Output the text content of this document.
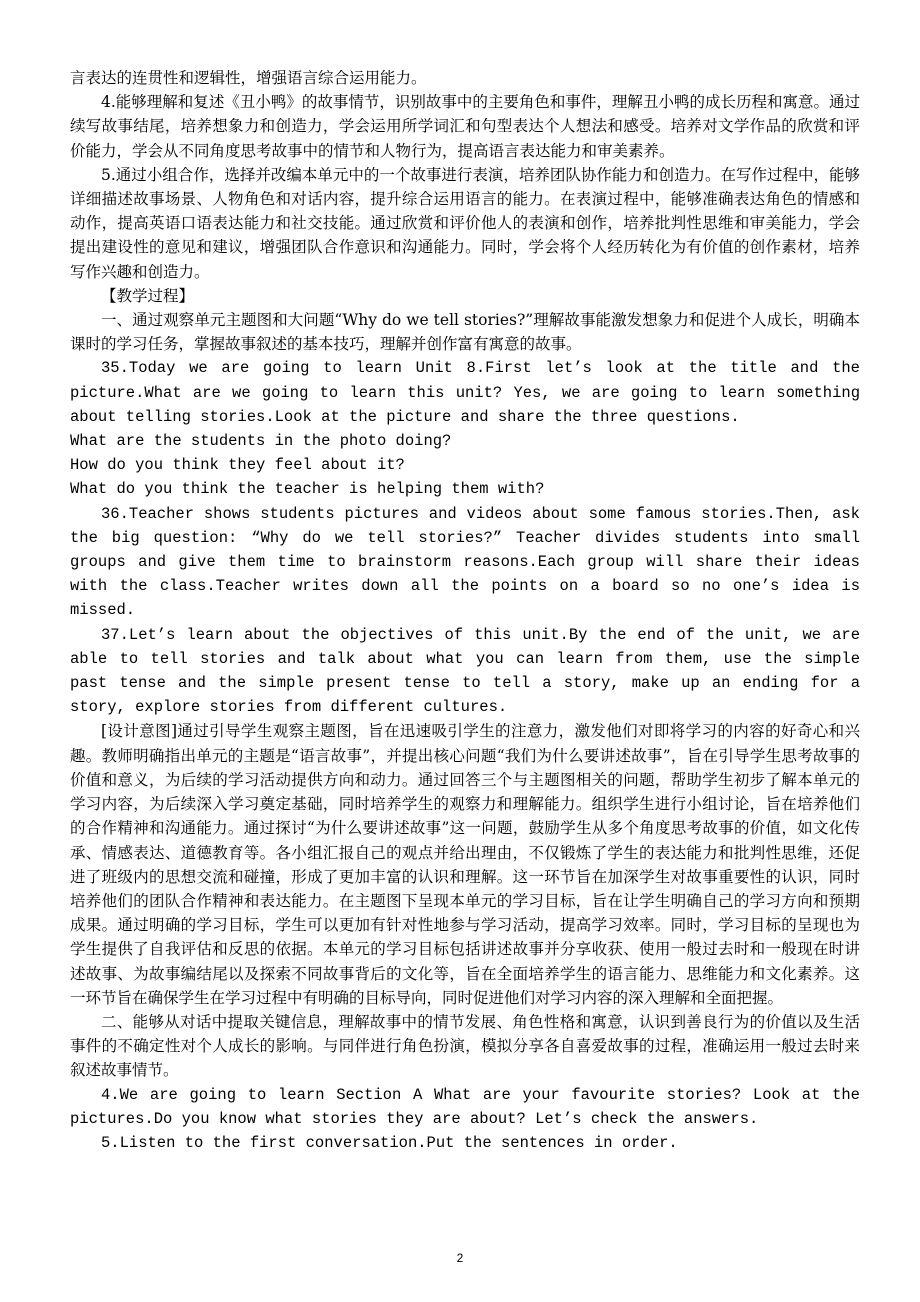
言表达的连贯性和逻辑性，增强语言综合运用能力。

4.能够理解和复述《丑小鸭》的故事情节，识别故事中的主要角色和事件，理解丑小鸭的成长历程和寓意。通过续写故事结尾，培养想象力和创造力，学会运用所学词汇和句型表达个人想法和感受。培养对文学作品的欣赏和评价能力，学会从不同角度思考故事中的情节和人物行为，提高语言表达能力和审美素养。

5.通过小组合作，选择并改编本单元中的一个故事进行表演，培养团队协作能力和创造力。在写作过程中，能够详细描述故事场景、人物角色和对话内容，提升综合运用语言的能力。在表演过程中，能够准确表达角色的情感和动作，提高英语口语表达能力和社交技能。通过欣赏和评价他人的表演和创作，培养批判性思维和审美能力，学会提出建设性的意见和建议，增强团队合作意识和沟通能力。同时，学会将个人经历转化为有价值的创作素材，培养写作兴趣和创造力。

【教学过程】

一、通过观察单元主题图和大问题“Why do we tell stories?”理解故事能激发想象力和促进个人成长，明确本课时的学习任务，掌握故事叙述的基本技巧，理解并创作富有寓意的故事。

35.Today we are going to learn Unit 8.First let’s look at the title and the picture.What are we going to learn this unit? Yes, we are going to learn something about telling stories.Look at the picture and share the three questions.

What are the students in the photo doing?

How do you think they feel about it?

What do you think the teacher is helping them with?

36.Teacher shows students pictures and videos about some famous stories.Then, ask the big question: “Why do we tell stories?” Teacher divides students into small groups and give them time to brainstorm reasons.Each group will share their ideas with the class.Teacher writes down all the points on a board so no one’s idea is missed.

37.Let’s learn about the objectives of this unit.By the end of the unit, we are able to tell stories and talk about what you can learn from them, use the simple past tense and the simple present tense to tell a story, make up an ending for a story, explore stories from different cultures.

[设计意图]通过引导学生观察主题图，旨在迅速吸引学生的注意力，激发他们对即将学习的内容的好奇心和兴趣。教师明确指出单元的主题是“语言故事”，并提出核心问题“我们为什么要讲述故事”，旨在引导学生思考故事的价值和意义，为后续的学习活动提供方向和动力。通过回答三个与主题图相关的问题，帮助学生初步了解本单元的学习内容，为后续深入学习奠定基础，同时培养学生的观察力和理解能力。组织学生进行小组讨论，旨在培养他们的合作精神和沟通能力。通过探讨“为什么要讲述故事”这一问题，鼓励学生从多个角度思考故事的价值，如文化传承、情感表达、道德教育等。各小组汇报自己的观点并给出理由，不仅锻炼了学生的表达能力和批判性思维，还促进了班级内的思想交流和碰撞，形成了更加丰富的认识和理解。这一环节旨在加深学生对故事重要性的认识，同时培养他们的团队合作精神和表达能力。在主题图下呈现本单元的学习目标，旨在让学生明确自己的学习方向和预期成果。通过明确的学习目标，学生可以更加有针对性地参与学习活动，提高学习效率。同时，学习目标的呈现也为学生提供了自我评估和反思的依据。本单元的学习目标包括讲述故事并分享收获、使用一般过去时和一般现在时讲述故事、为故事编结尾以及探索不同故事背后的文化等，旨在全面培养学生的语言能力、思维能力和文化素养。这一环节旨在确保学生在学习过程中有明确的目标导向，同时促进他们对学习内容的深入理解和全面把握。

二、能够从对话中提取关键信息，理解故事中的情节发展、角色性格和寓意，认识到善良行为的价值以及生活事件的不确定性对个人成长的影响。与同伴进行角色扮演，模拟分享各自喜爱故事的过程，准确运用一般过去时来叙述故事情节。

4.We are going to learn Section A What are your favourite stories? Look at the pictures.Do you know what stories they are about? Let’s check the answers.

5.Listen to the first conversation.Put the sentences in order.

2
